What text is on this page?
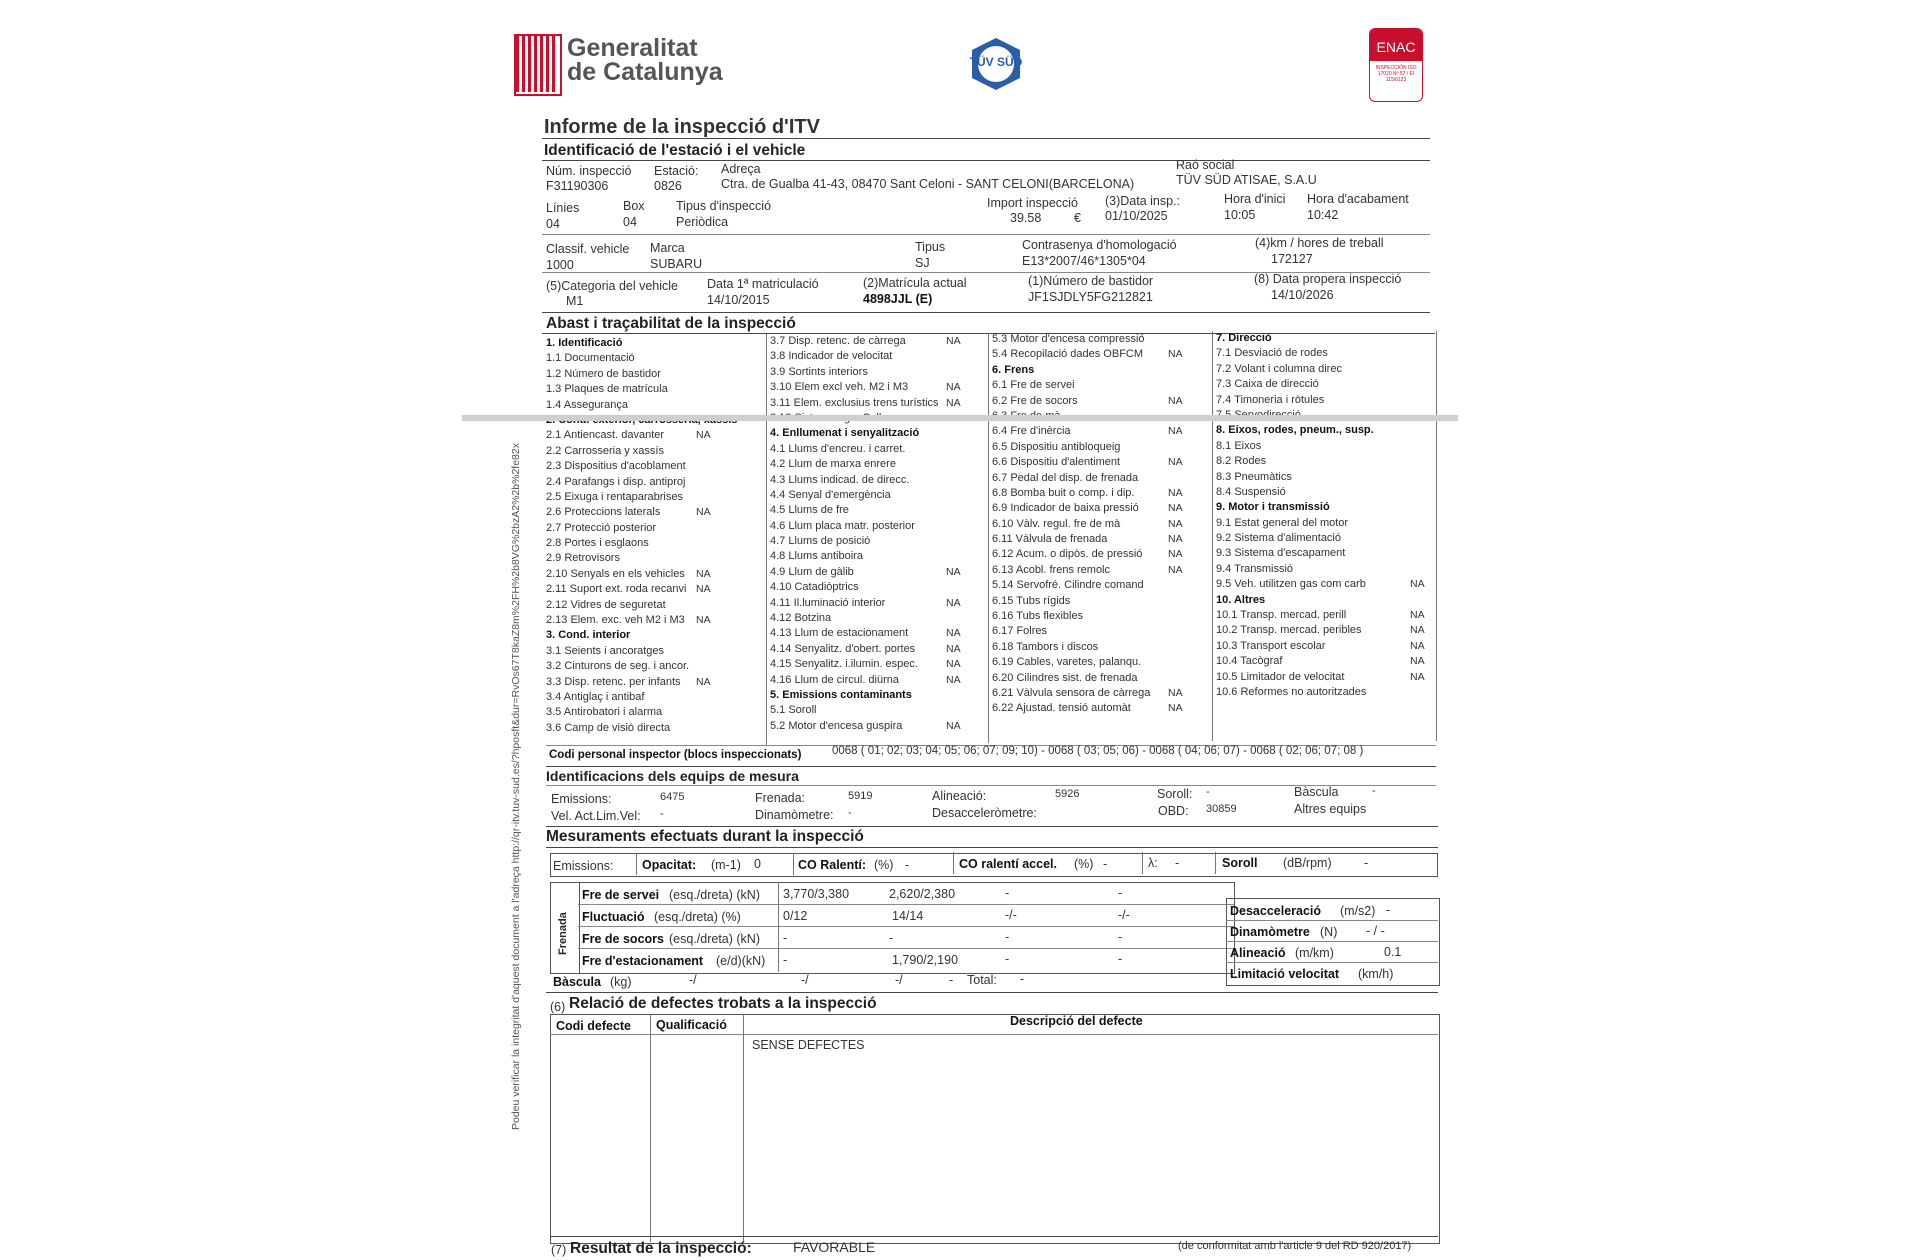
Generalitat
de Catalunya	TÜV SÜD
ENAC
INSPECCIÓN ISO 17020 Nº 57 / EI 115/0123
Informe de la inspecció d'ITV
Identificació de l'estació i el vehicle
Núm. inspecció
F31190306
Estació:
0826
Adreça
Ctra. de Gualba 41-43, 08470 Sant Celoni - SANT CELONI(BARCELONA)
Raó social
TÜV SÜD ATISAE, S.A.U
Línies
04
Box
04
Tipus d'inspecció
Periòdica
Import inspecció
39.58	€
(3)Data insp.:
01/10/2025
Hora d'inici
10:05
Hora d'acabament
10:42
Classif. vehicle
1000
Marca
SUBARU
Tipus
SJ
Contrasenya d'homologació
E13*2007/46*1305*04
(4)km / hores de treball
172127
(5)Categoria del vehicle
M1
Data 1ª matriculació
14/10/2015
(2)Matrícula actual
4898JJL (E)
(1)Número de bastidor
JF1SJDLY5FG212821
(8) Data propera inspecció
14/10/2026
Abast i traçabilitat de la inspecció
1. Identificació
1.1 Documentació
1.2 Número de bastidor
1.3 Plaques de matrícula
1.4 Assegurança
2.1 Antiencast. davanter	NA
2.2 Carrosseria y xassís
2.3 Dispositius d'acoblament
2.4 Parafangs i disp. antiproj
2.5 Eixuga i rentaparabrises
2.6 Proteccions laterals	NA
2.7 Protecció posterior
2.8 Portes i esglaons
2.9 Retrovisors
2.10 Senyals en els vehicles NA
2.11 Suport ext. roda recanvi NA
2.12 Vidres de seguretat
2.13 Elem. exc. veh M2 i M3 NA
3. Cond. interior
3.1 Seients i ancoratges
3.2 Cinturons de seg. i ancor.
3.3 Disp. retenc. per infants NA
3.4 Antiglaç i antibaf
3.5 Antirobatori i alarma
3.6 Camp de visió directa
3.7 Disp. retenc. de càrrega	NA
3.8 Indicador de velocitat
3.9 Sortints interiors
3.10 Elem excl veh. M2 i M3	NA
3.11 Elem. exclusius trens turístics NA
4. Enllumenat i senyalització
4.1 Llums d'encreu. i carret.
4.2 Llum de marxa enrere
4.3 Llums indicad. de direcc.
4.4 Senyal d'emergència
4.5 Llums de fre
4.6 Llum placa matr. posterior
4.7 Llums de posició
4.8 Llums antiboira
4.9 Llum de gàlib	NA
4.10 Catadiòptrics
4.11 Il.luminació interior	NA
4.12 Botzina
4.13 Llum de estacionament	NA
4.14 Senyalitz. d'obert. portes	NA
4.15 Senyalitz. i.ilumin. espec.	NA
4.16 Llum de circul. diürna	NA
5. Emissions contaminants
5.1 Soroll
5.2 Motor d'encesa guspira	NA
5.3 Motor d'encesa compressió
5.4 Recopilació dades OBFCM NA
6. Frens
6.1 Fre de servei
6.2 Fre de socors	NA
6.4 Fre d'inèrcia	NA
6.5 Dispositiu antibloqueig
6.6 Dispositiu d'alentiment	NA
6.7 Pedal del disp. de frenada
6.8 Bomba buit o comp. i dip.	NA
6.9 Indicador de baixa pressió	NA
6.10 Vàlv. regul. fre de mà	NA
6.11 Vàlvula de frenada	NA
6.12 Acum. o dipòs. de pressió NA
6.13 Acobl. frens remolc	NA
5.14 Servofré. Cilindre comand
6.15 Tubs rígids
6.16 Tubs flexibles
6.17 Folres
6.18 Tambors i discos
6.19 Cables, varetes, palanqu.
6.20 Cilindres sist. de frenada
6.21 Vàlvula sensora de càrrega NA
6.22 Ajustad. tensió automàt	NA
7. Direcció
7.1 Desviació de rodes
7.2 Volant i columna direc
7.3 Caixa de direcció
7.4 Timoneria i ròtules
8. Eixos, rodes, pneum., susp.
8.1 Eixos
8.2 Rodes
8.3 Pneumàtics
8.4 Suspensió
9. Motor i transmissió
9.1 Estat general del motor
9.2 Sistema d'alimentació
9.3 Sistema d'escapament
9.4 Transmissió
9.5 Veh. utilitzen gas com carb	NA
10. Altres
10.1 Transp. mercad. perill	NA
10.2 Transp. mercad. peribles	NA
10.3 Transport escolar	NA
10.4 Tacògraf	NA
10.5 Limitador de velocitat	NA
10.6 Reformes no autoritzades
Codi personal inspector (blocs inspeccionats)	0068 ( 01; 02; 03; 04; 05; 06; 07; 09; 10) - 0068 ( 03; 05; 06) - 0068 ( 04; 06; 07) - 0068 ( 02; 06; 07; 08 )
Identificacions dels equips de mesura
Emissions:	6475	Frenada:	5919	Alineació:	5926	Soroll: -	Bàscula	-
Vel. Act.Lim.Vel: -	Dinamòmetre: -	Desacceleròmetre:	OBD: 30859	Altres equips
Mesuraments efectuats durant la inspecció
Emissions: Opacitat: (m-1) 0	CO Ralentí: (%) -	CO ralentí accel. (%) -	λ: -	Soroll (dB/rpm)	-
Frenada
Fre de servei (esq./dreta) (kN) 3,770/3,380	2,620/2,380	-	-
Fluctuació (esq./dreta) (%)	0/12	14/14	-/-	-/-
Fre de socors (esq./dreta) (kN) -	-	-	-
Fre d'estacionament (e/d)(kN) -	1,790/2,190	-	-
Bàscula (kg)	-/	-/	-/	- Total: -
Desacceleració (m/s2) -
Dinamòmetre (N) - / -
Alineació (m/km)	0.1
Limitació velocitat (km/h)
(6) Relació de defectes trobats a la inspecció
Codi defecte Qualificació	Descripció del defecte
SENSE DEFECTES
(7) Resultat de la inspecció:	FAVORABLE	(de conformitat amb l'article 9 del RD 920/2017)
Podeu verificar la integritat d'aquest document a l'adreça http://qr-itv.tuv-sud.es/?hposft&dur=RvOs67T8kaZ8m%2FH%2b8VG%2bzA2%2b%2fe82x
